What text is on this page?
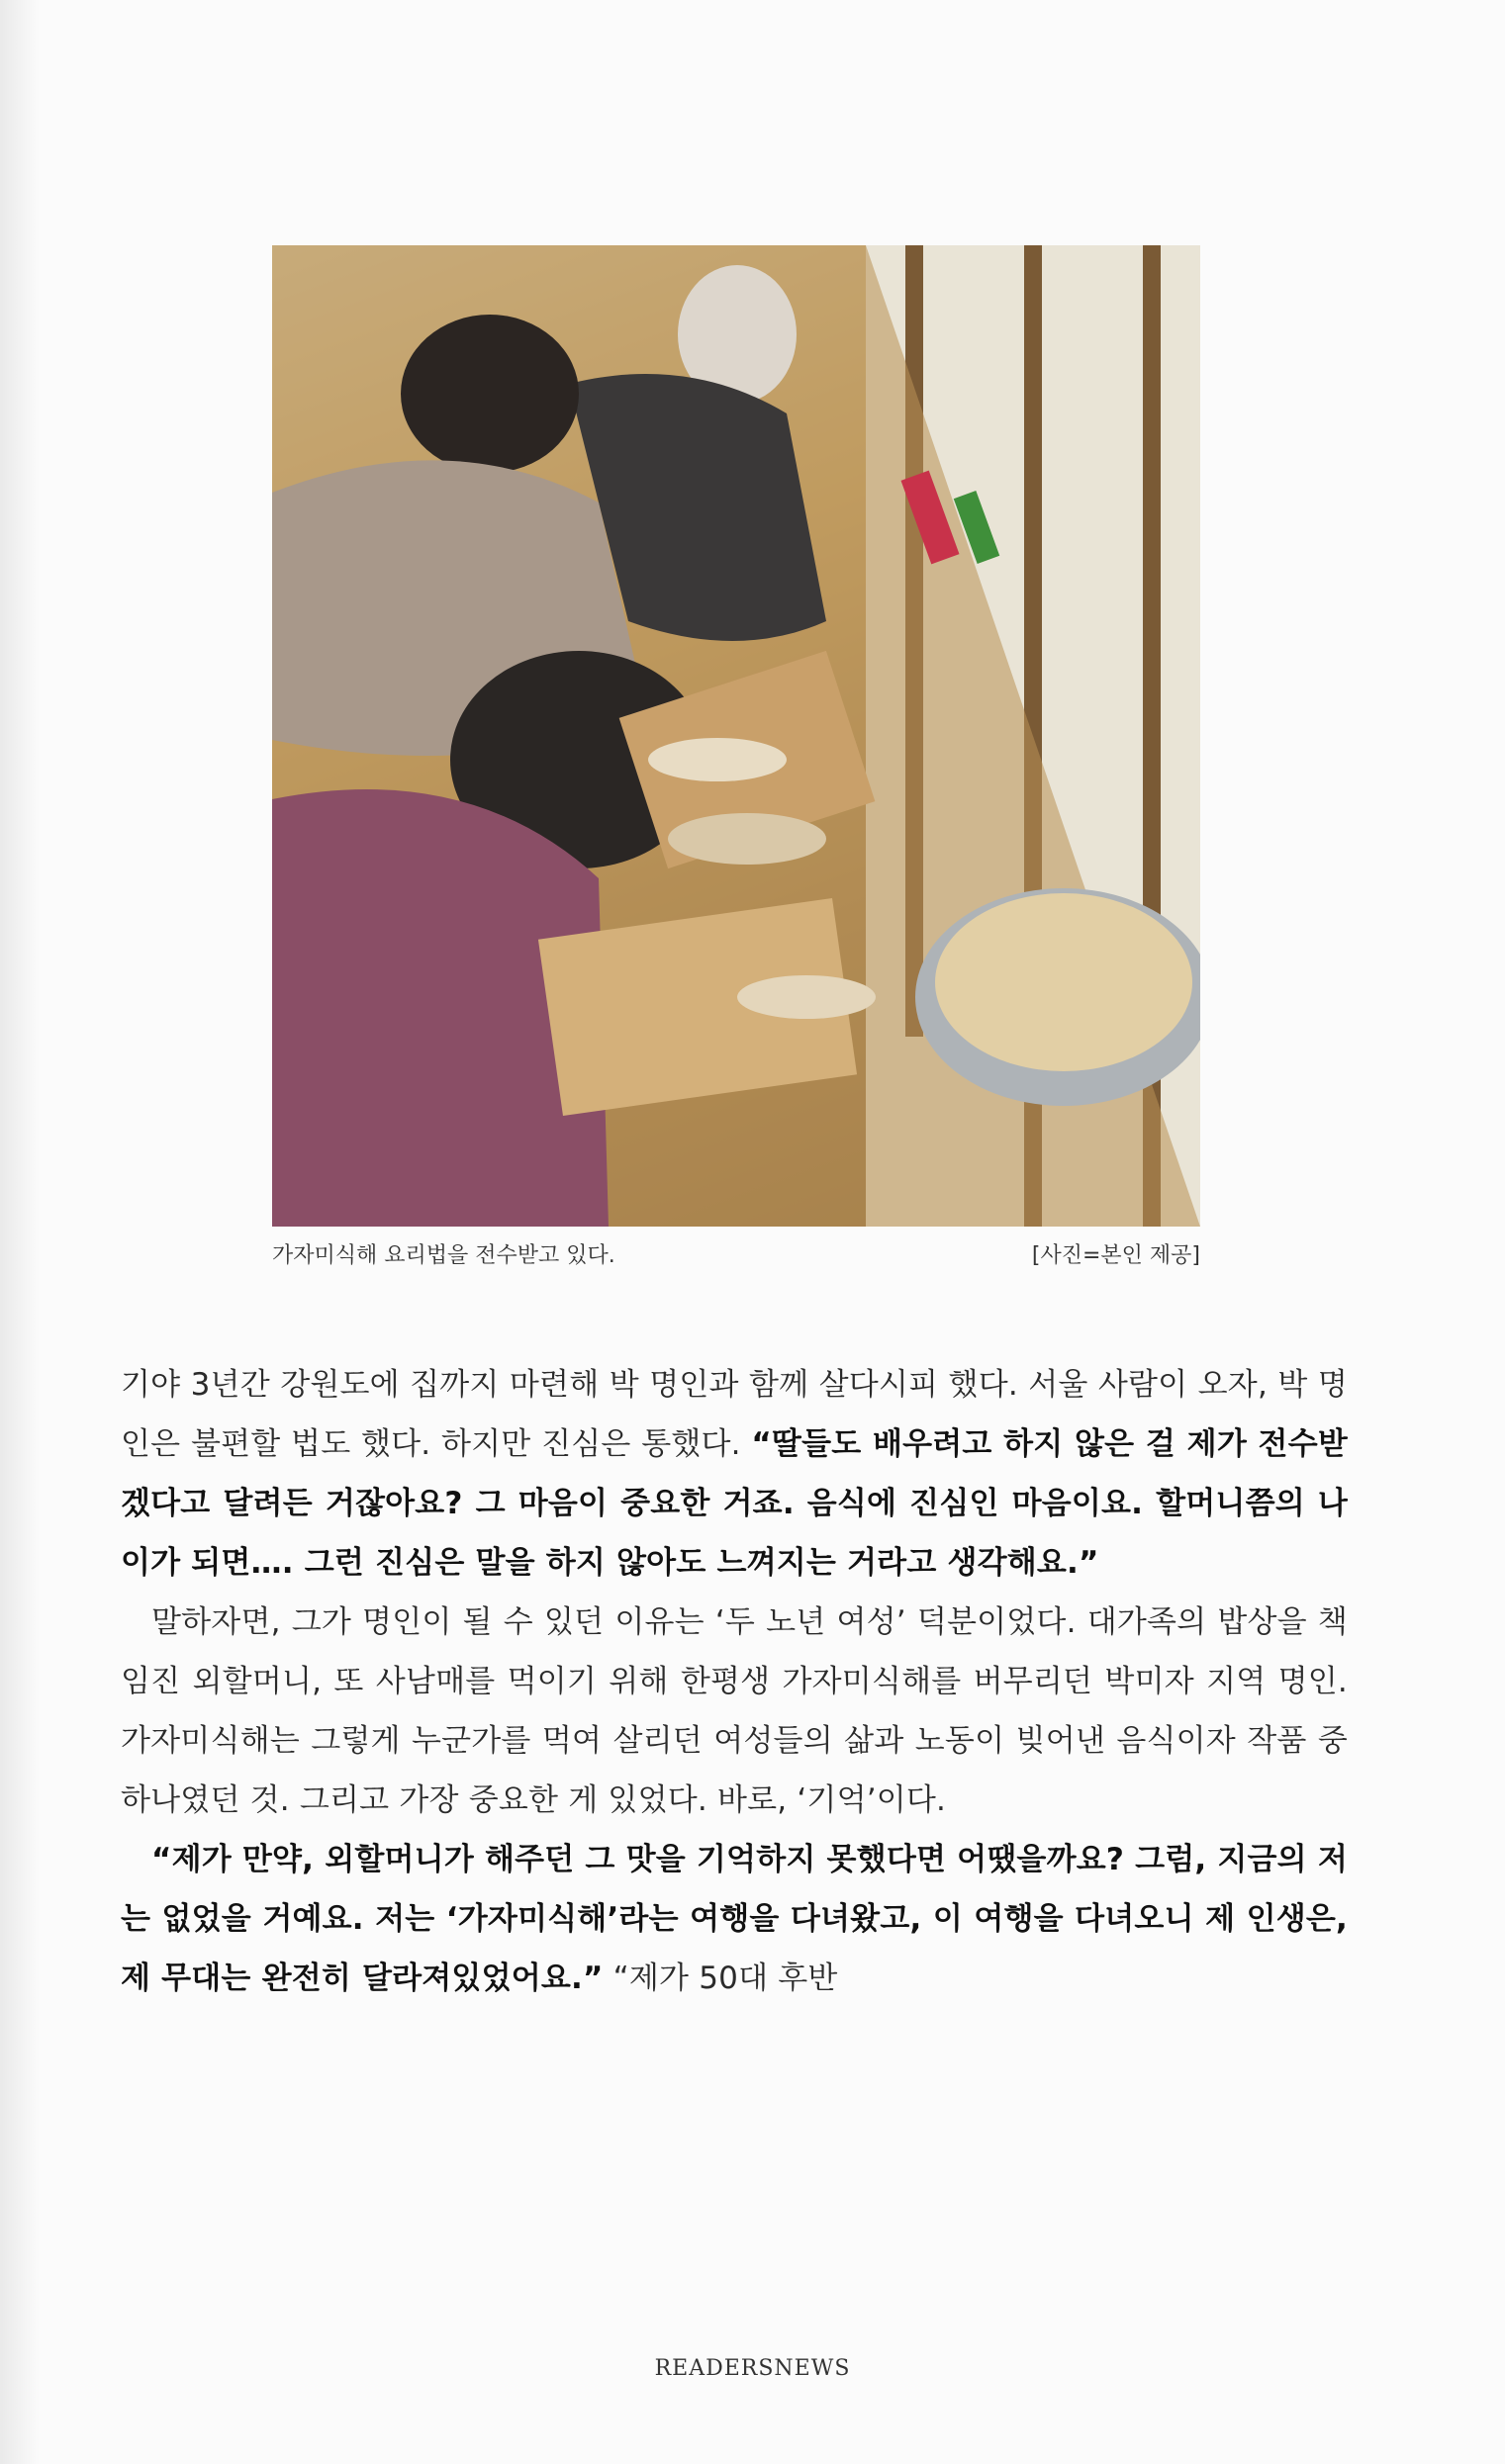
가자미식해 요리법을 전수받고 있다.	[사진=본인 제공]

기야 3년간 강원도에 집까지 마련해 박 명인과 함께 살다시피 했다. 서울 사람이 오자, 박 명인은 불편할 법도 했다. 하지만 진심은 통했다. “딸들도 배우려고 하지 않은 걸 제가 전수받겠다고 달려든 거잖아요? 그 마음이 중요한 거죠. 음식에 진심인 마음이요. 할머니쯤의 나이가 되면…. 그런 진심은 말을 하지 않아도 느껴지는 거라고 생각해요.”

말하자면, 그가 명인이 될 수 있던 이유는 ‘두 노년 여성’ 덕분이었다. 대가족의 밥상을 책임진 외할머니, 또 사남매를 먹이기 위해 한평생 가자미식해를 버무리던 박미자 지역 명인. 가자미식해는 그렇게 누군가를 먹여 살리던 여성들의 삶과 노동이 빚어낸 음식이자 작품 중 하나였던 것. 그리고 가장 중요한 게 있었다. 바로, ‘기억’이다.

“제가 만약, 외할머니가 해주던 그 맛을 기억하지 못했다면 어땠을까요? 그럼, 지금의 저는 없었을 거예요. 저는 ‘가자미식해’라는 여행을 다녀왔고, 이 여행을 다녀오니 제 인생은, 제 무대는 완전히 달라져있었어요.” “제가 50대 후반

READERSNEWS
